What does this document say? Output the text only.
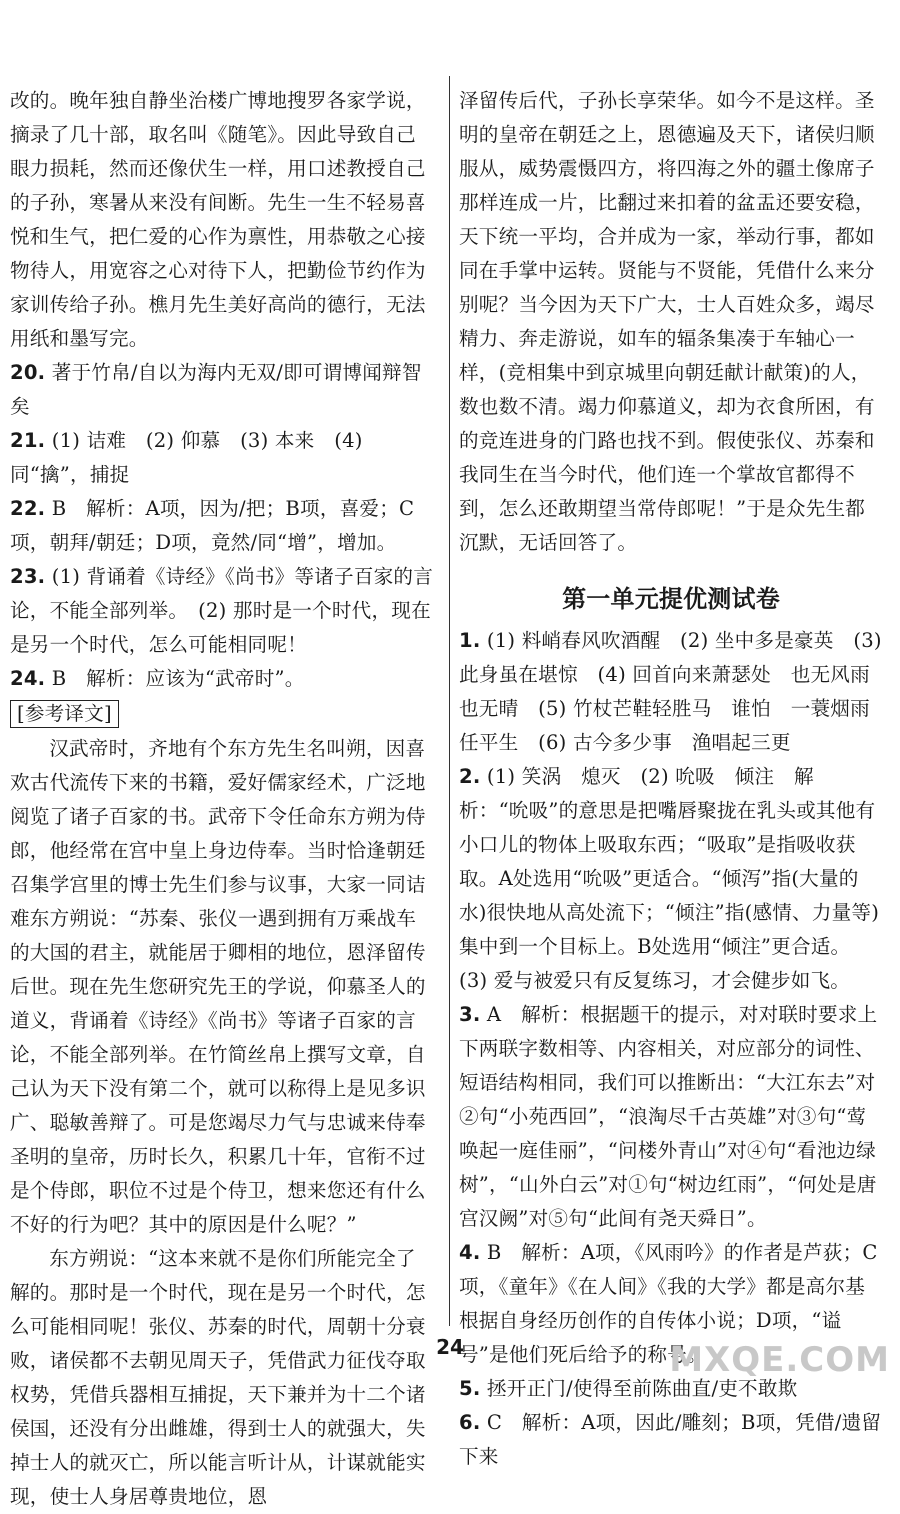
改的。晚年独自静坐治楼广博地搜罗各家学说，摘录了几十部，取名叫《随笔》。因此导致自己眼力损耗，然而还像伏生一样，用口述教授自己的子孙，寒暑从来没有间断。先生一生不轻易喜悦和生气，把仁爱的心作为禀性，用恭敬之心接物待人，用宽容之心对待下人，把勤俭节约作为家训传给子孙。樵月先生美好高尚的德行，无法用纸和墨写完。

20. 著于竹帛/自以为海内无双/即可谓博闻辩智矣

21. (1) 诘难　(2) 仰慕　(3) 本来　(4) 同“擒”，捕捉

22. B　解析：A项，因为/把；B项，喜爱；C项，朝拜/朝廷；D项，竟然/同“增”，增加。

23. (1) 背诵着《诗经》《尚书》等诸子百家的言论，不能全部列举。　(2) 那时是一个时代，现在是另一个时代，怎么可能相同呢！

24. B　解析：应该为“武帝时”。

[参考译文]

汉武帝时，齐地有个东方先生名叫朔，因喜欢古代流传下来的书籍，爱好儒家经术，广泛地阅览了诸子百家的书。武帝下令任命东方朔为侍郎，他经常在宫中皇上身边侍奉。当时恰逢朝廷召集学宫里的博士先生们参与议事，大家一同诘难东方朔说：“苏秦、张仪一遇到拥有万乘战车的大国的君主，就能居于卿相的地位，恩泽留传后世。现在先生您研究先王的学说，仰慕圣人的道义，背诵着《诗经》《尚书》等诸子百家的言论，不能全部列举。在竹简丝帛上撰写文章，自己认为天下没有第二个，就可以称得上是见多识广、聪敏善辩了。可是您竭尽力气与忠诚来侍奉圣明的皇帝，历时长久，积累几十年，官衔不过是个侍郎，职位不过是个侍卫，想来您还有什么不好的行为吧？其中的原因是什么呢？”

东方朔说：“这本来就不是你们所能完全了解的。那时是一个时代，现在是另一个时代，怎么可能相同呢！张仪、苏秦的时代，周朝十分衰败，诸侯都不去朝见周天子，凭借武力征伐夺取权势，凭借兵器相互捕捉，天下兼并为十二个诸侯国，还没有分出雌雄，得到士人的就强大，失掉士人的就灭亡，所以能言听计从，计谋就能实现，使士人身居尊贵地位，恩

泽留传后代，子孙长享荣华。如今不是这样。圣明的皇帝在朝廷之上，恩德遍及天下，诸侯归顺服从，威势震慑四方，将四海之外的疆土像席子那样连成一片，比翻过来扣着的盆盂还要安稳，天下统一平均，合并成为一家，举动行事，都如同在手掌中运转。贤能与不贤能，凭借什么来分别呢？当今因为天下广大，士人百姓众多，竭尽精力、奔走游说，如车的辐条集凑于车轴心一样，(竞相集中到京城里向朝廷献计献策)的人，数也数不清。竭力仰慕道义，却为衣食所困，有的竞连进身的门路也找不到。假使张仪、苏秦和我同生在当今时代，他们连一个掌故官都得不到，怎么还敢期望当常侍郎呢！”于是众先生都沉默，无话回答了。

第一单元提优测试卷

1. (1) 料峭春风吹酒醒　(2) 坐中多是豪英　(3) 此身虽在堪惊　(4) 回首向来萧瑟处　也无风雨也无晴　(5) 竹杖芒鞋轻胜马　谁怕　一蓑烟雨任平生　(6) 古今多少事　渔唱起三更

2. (1) 笑涡　熄灭　(2) 吮吸　倾注　解析：“吮吸”的意思是把嘴唇聚拢在乳头或其他有小口儿的物体上吸取东西；“吸取”是指吸收获取。A处选用“吮吸”更适合。“倾泻”指(大量的水)很快地从高处流下；“倾注”指(感情、力量等)集中到一个目标上。B处选用“倾注”更合适。　(3) 爱与被爱只有反复练习，才会健步如飞。

3. A　解析：根据题干的提示，对对联时要求上下两联字数相等、内容相关，对应部分的词性、短语结构相同，我们可以推断出：“大江东去”对②句“小苑西回”，“浪淘尽千古英雄”对③句“莺唤起一庭佳丽”，“问楼外青山”对④句“看池边绿树”，“山外白云”对①句“树边红雨”，“何处是唐宫汉阙”对⑤句“此间有尧天舜日”。

4. B　解析：A项，《风雨吟》的作者是芦荻；C项，《童年》《在人间》《我的大学》都是高尔基根据自身经历创作的自传体小说；D项，“谥号”是他们死后给予的称号。

5. 拯开正门/使得至前陈曲直/吏不敢欺

6. C　解析：A项，因此/雕刻；B项，凭借/遗留下来

24	MXQE.COM
